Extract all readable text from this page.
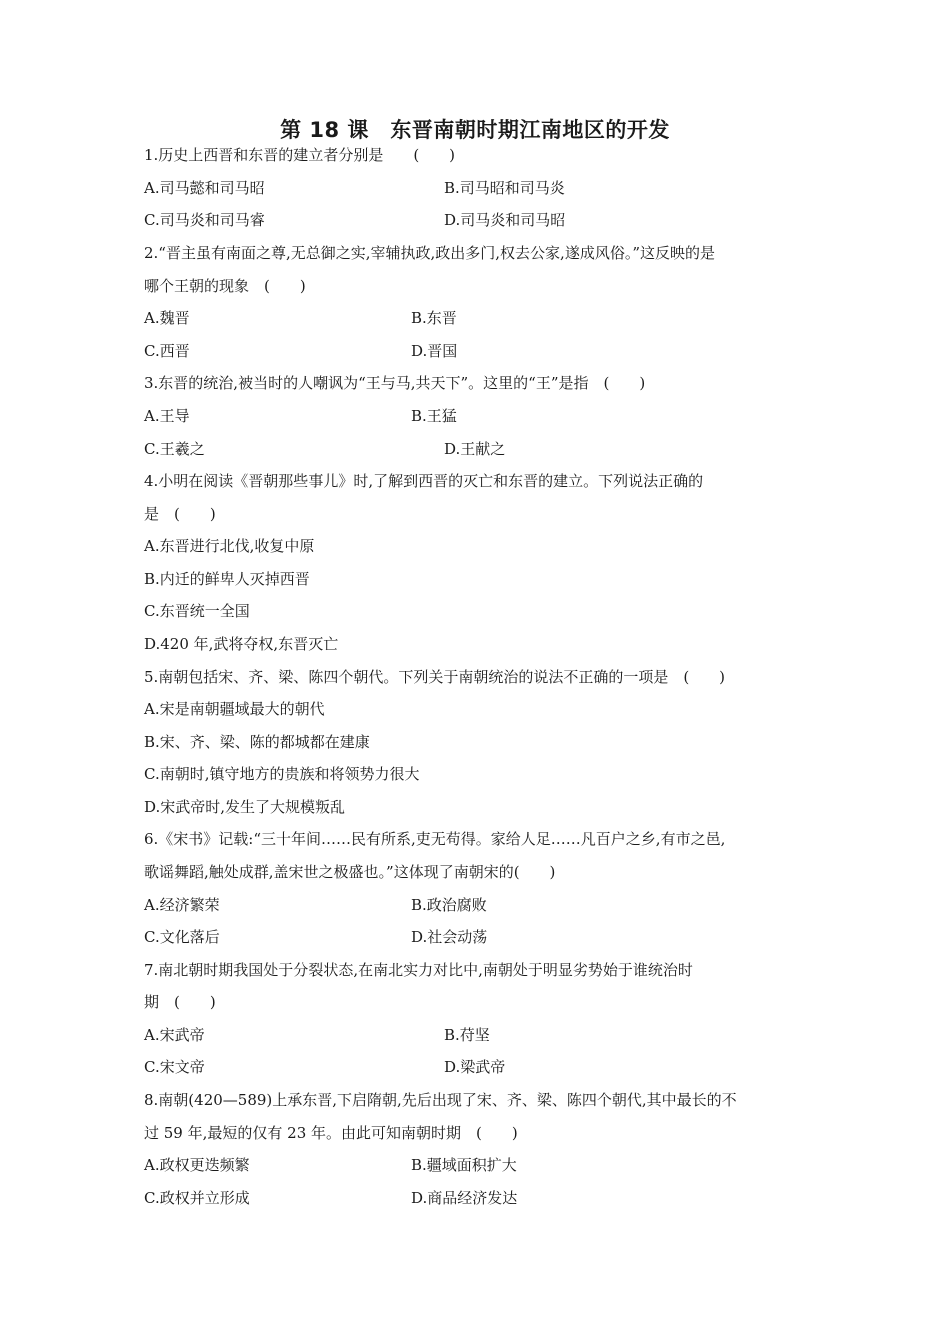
第 18 课　东晋南朝时期江南地区的开发
1.历史上西晋和东晋的建立者分别是　　(　　)
A.司马懿和司马昭	B.司马昭和司马炎
C.司马炎和司马睿	D.司马炎和司马昭
2.“晋主虽有南面之尊,无总御之实,宰辅执政,政出多门,权去公家,遂成风俗。”这反映的是
哪个王朝的现象　(　　)
A.魏晋	B.东晋
C.西晋	D.晋国
3.东晋的统治,被当时的人嘲讽为“王与马,共天下”。这里的“王”是指　(　　)
A.王导	B.王猛
C.王羲之	D.王献之
4.小明在阅读《晋朝那些事儿》时,了解到西晋的灭亡和东晋的建立。下列说法正确的
是　(　　)
A.东晋进行北伐,收复中原
B.内迁的鲜卑人灭掉西晋
C.东晋统一全国
D.420 年,武将夺权,东晋灭亡
5.南朝包括宋、齐、梁、陈四个朝代。下列关于南朝统治的说法不正确的一项是　(　　)
A.宋是南朝疆域最大的朝代
B.宋、齐、梁、陈的都城都在建康
C.南朝时,镇守地方的贵族和将领势力很大
D.宋武帝时,发生了大规模叛乱
6.《宋书》记载:“三十年间……民有所系,吏无苟得。家给人足……凡百户之乡,有市之邑,
歌谣舞蹈,触处成群,盖宋世之极盛也。”这体现了南朝宋的(　　)
A.经济繁荣	B.政治腐败
C.文化落后	D.社会动荡
7.南北朝时期我国处于分裂状态,在南北实力对比中,南朝处于明显劣势始于谁统治时
期　(　　)
A.宋武帝	B.苻坚
C.宋文帝	D.梁武帝
8.南朝(420—589)上承东晋,下启隋朝,先后出现了宋、齐、梁、陈四个朝代,其中最长的不
过 59 年,最短的仅有 23 年。由此可知南朝时期　(　　)
A.政权更迭频繁	B.疆域面积扩大
C.政权并立形成	D.商品经济发达
